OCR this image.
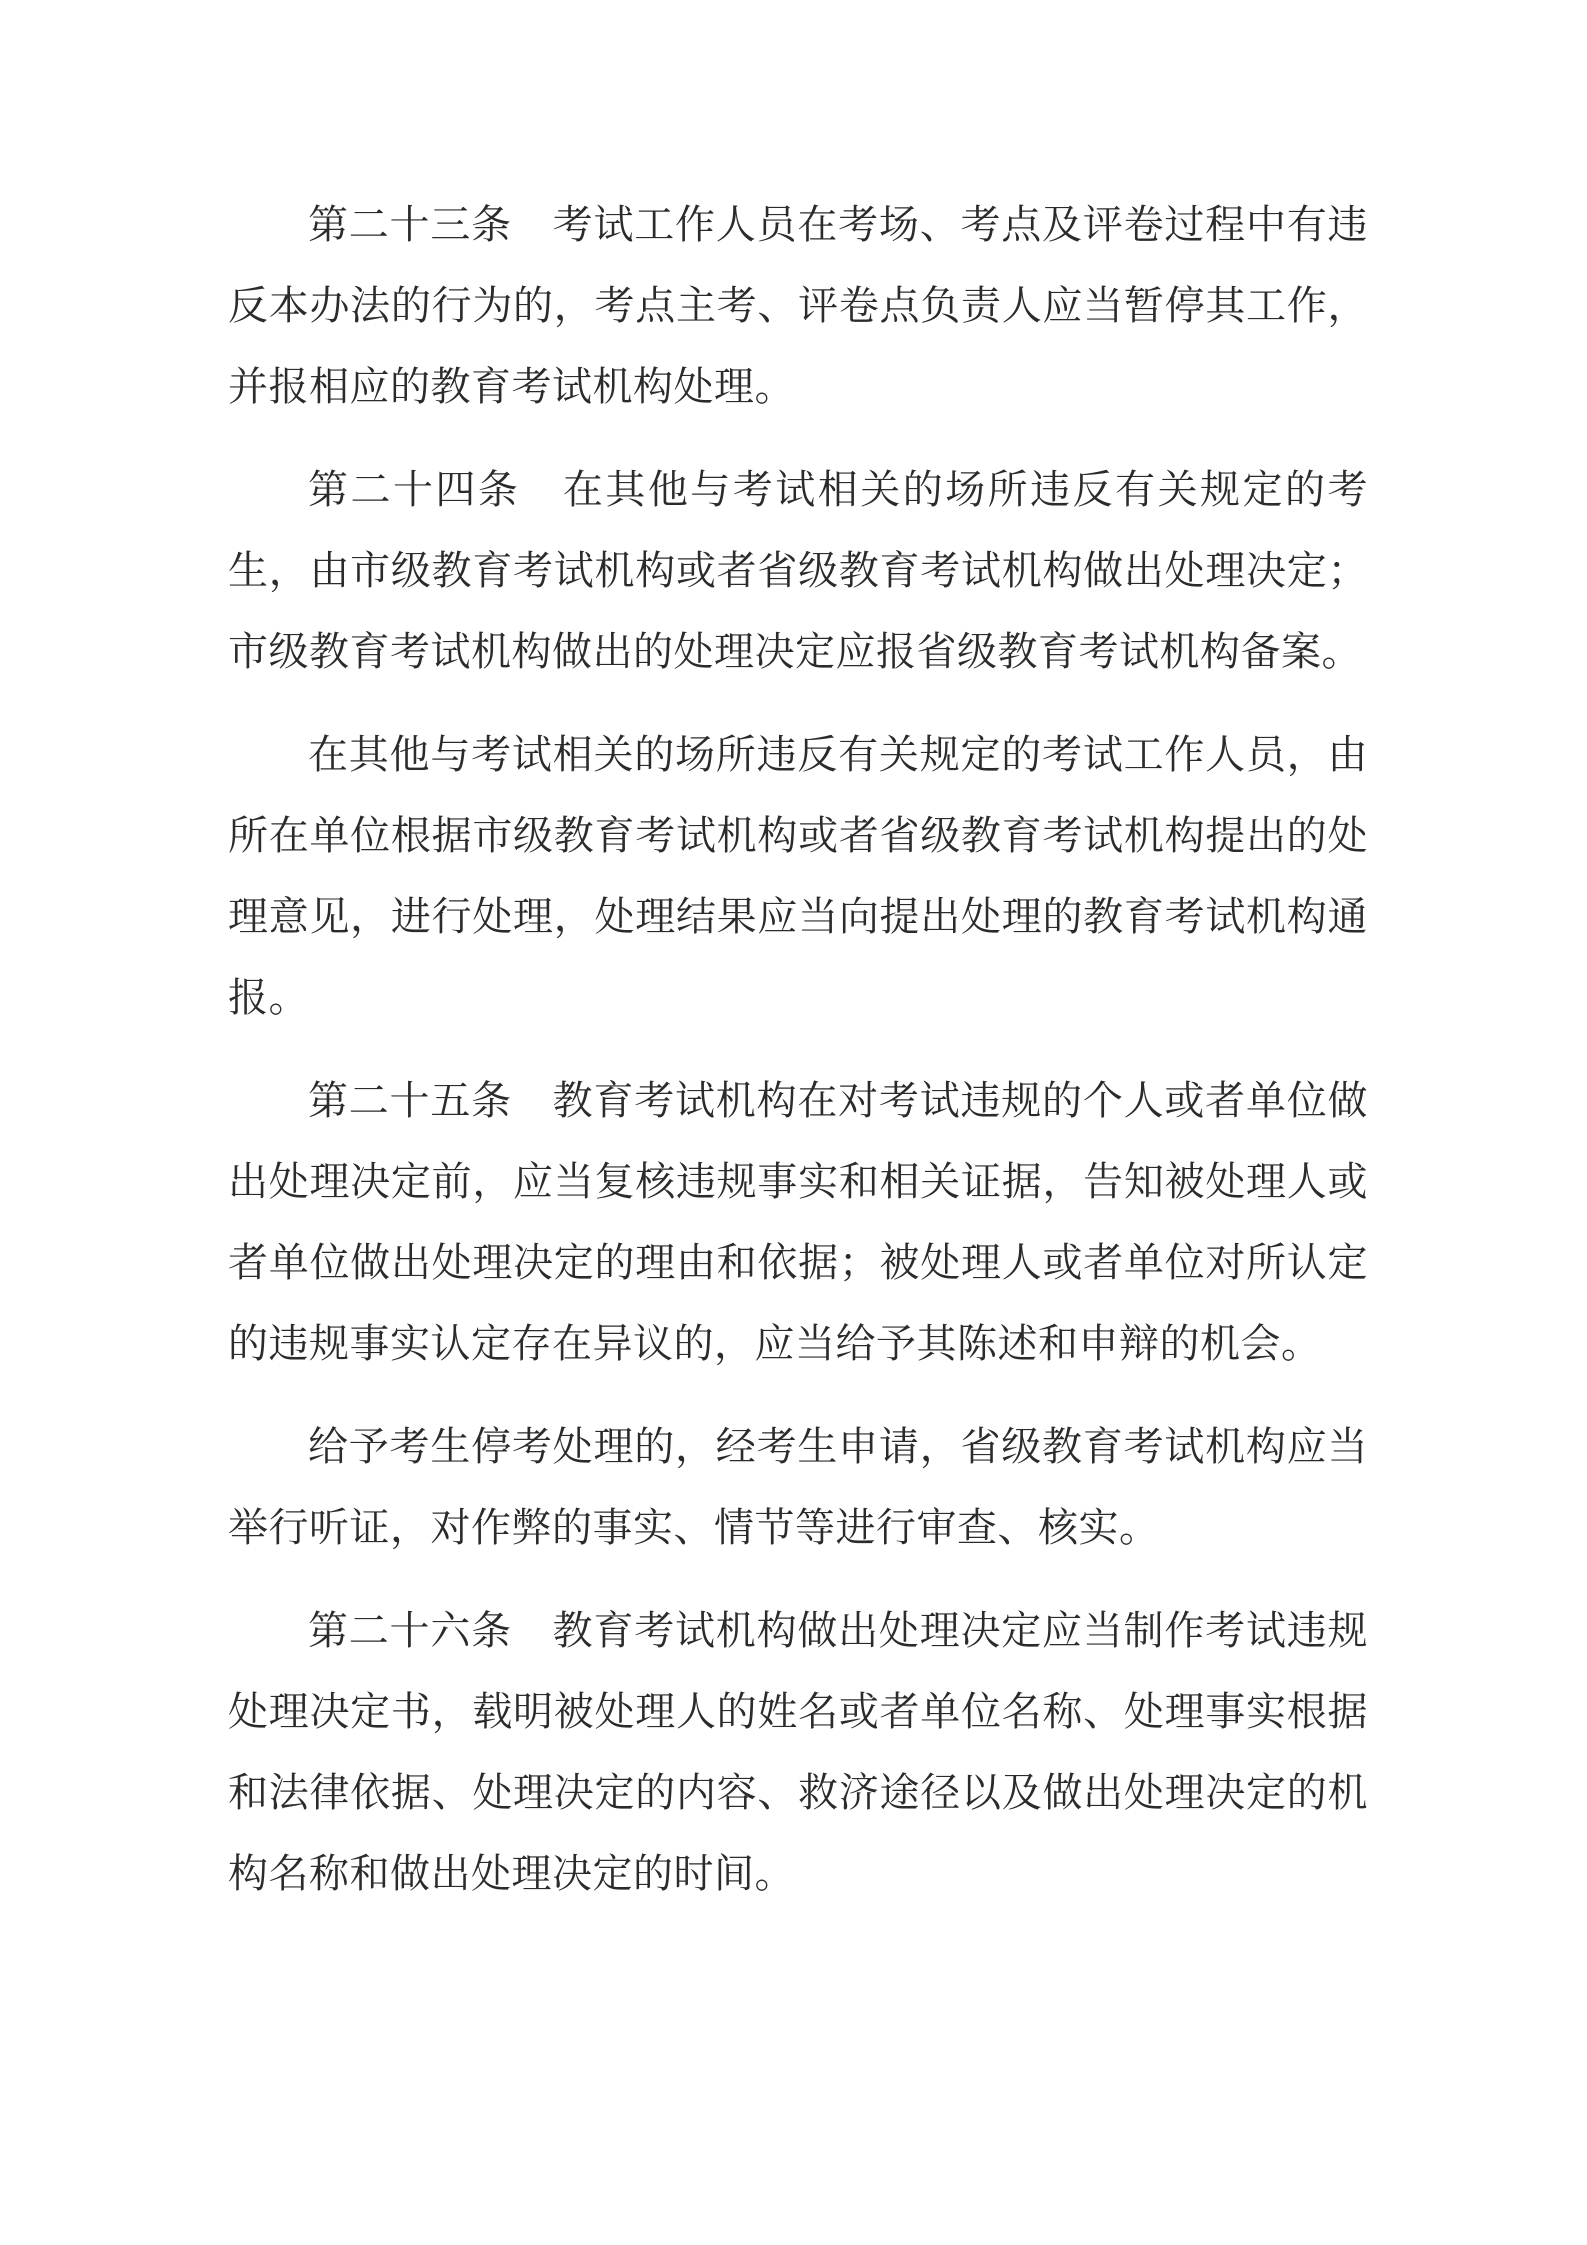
第二十三条　考试工作人员在考场、考点及评卷过程中有违反本办法的行为的，考点主考、评卷点负责人应当暂停其工作，并报相应的教育考试机构处理。

第二十四条　在其他与考试相关的场所违反有关规定的考生，由市级教育考试机构或者省级教育考试机构做出处理决定；市级教育考试机构做出的处理决定应报省级教育考试机构备案。

在其他与考试相关的场所违反有关规定的考试工作人员，由所在单位根据市级教育考试机构或者省级教育考试机构提出的处理意见，进行处理，处理结果应当向提出处理的教育考试机构通报。

第二十五条　教育考试机构在对考试违规的个人或者单位做出处理决定前，应当复核违规事实和相关证据，告知被处理人或者单位做出处理决定的理由和依据；被处理人或者单位对所认定的违规事实认定存在异议的，应当给予其陈述和申辩的机会。

给予考生停考处理的，经考生申请，省级教育考试机构应当举行听证，对作弊的事实、情节等进行审查、核实。

第二十六条　教育考试机构做出处理决定应当制作考试违规处理决定书，载明被处理人的姓名或者单位名称、处理事实根据和法律依据、处理决定的内容、救济途径以及做出处理决定的机构名称和做出处理决定的时间。
